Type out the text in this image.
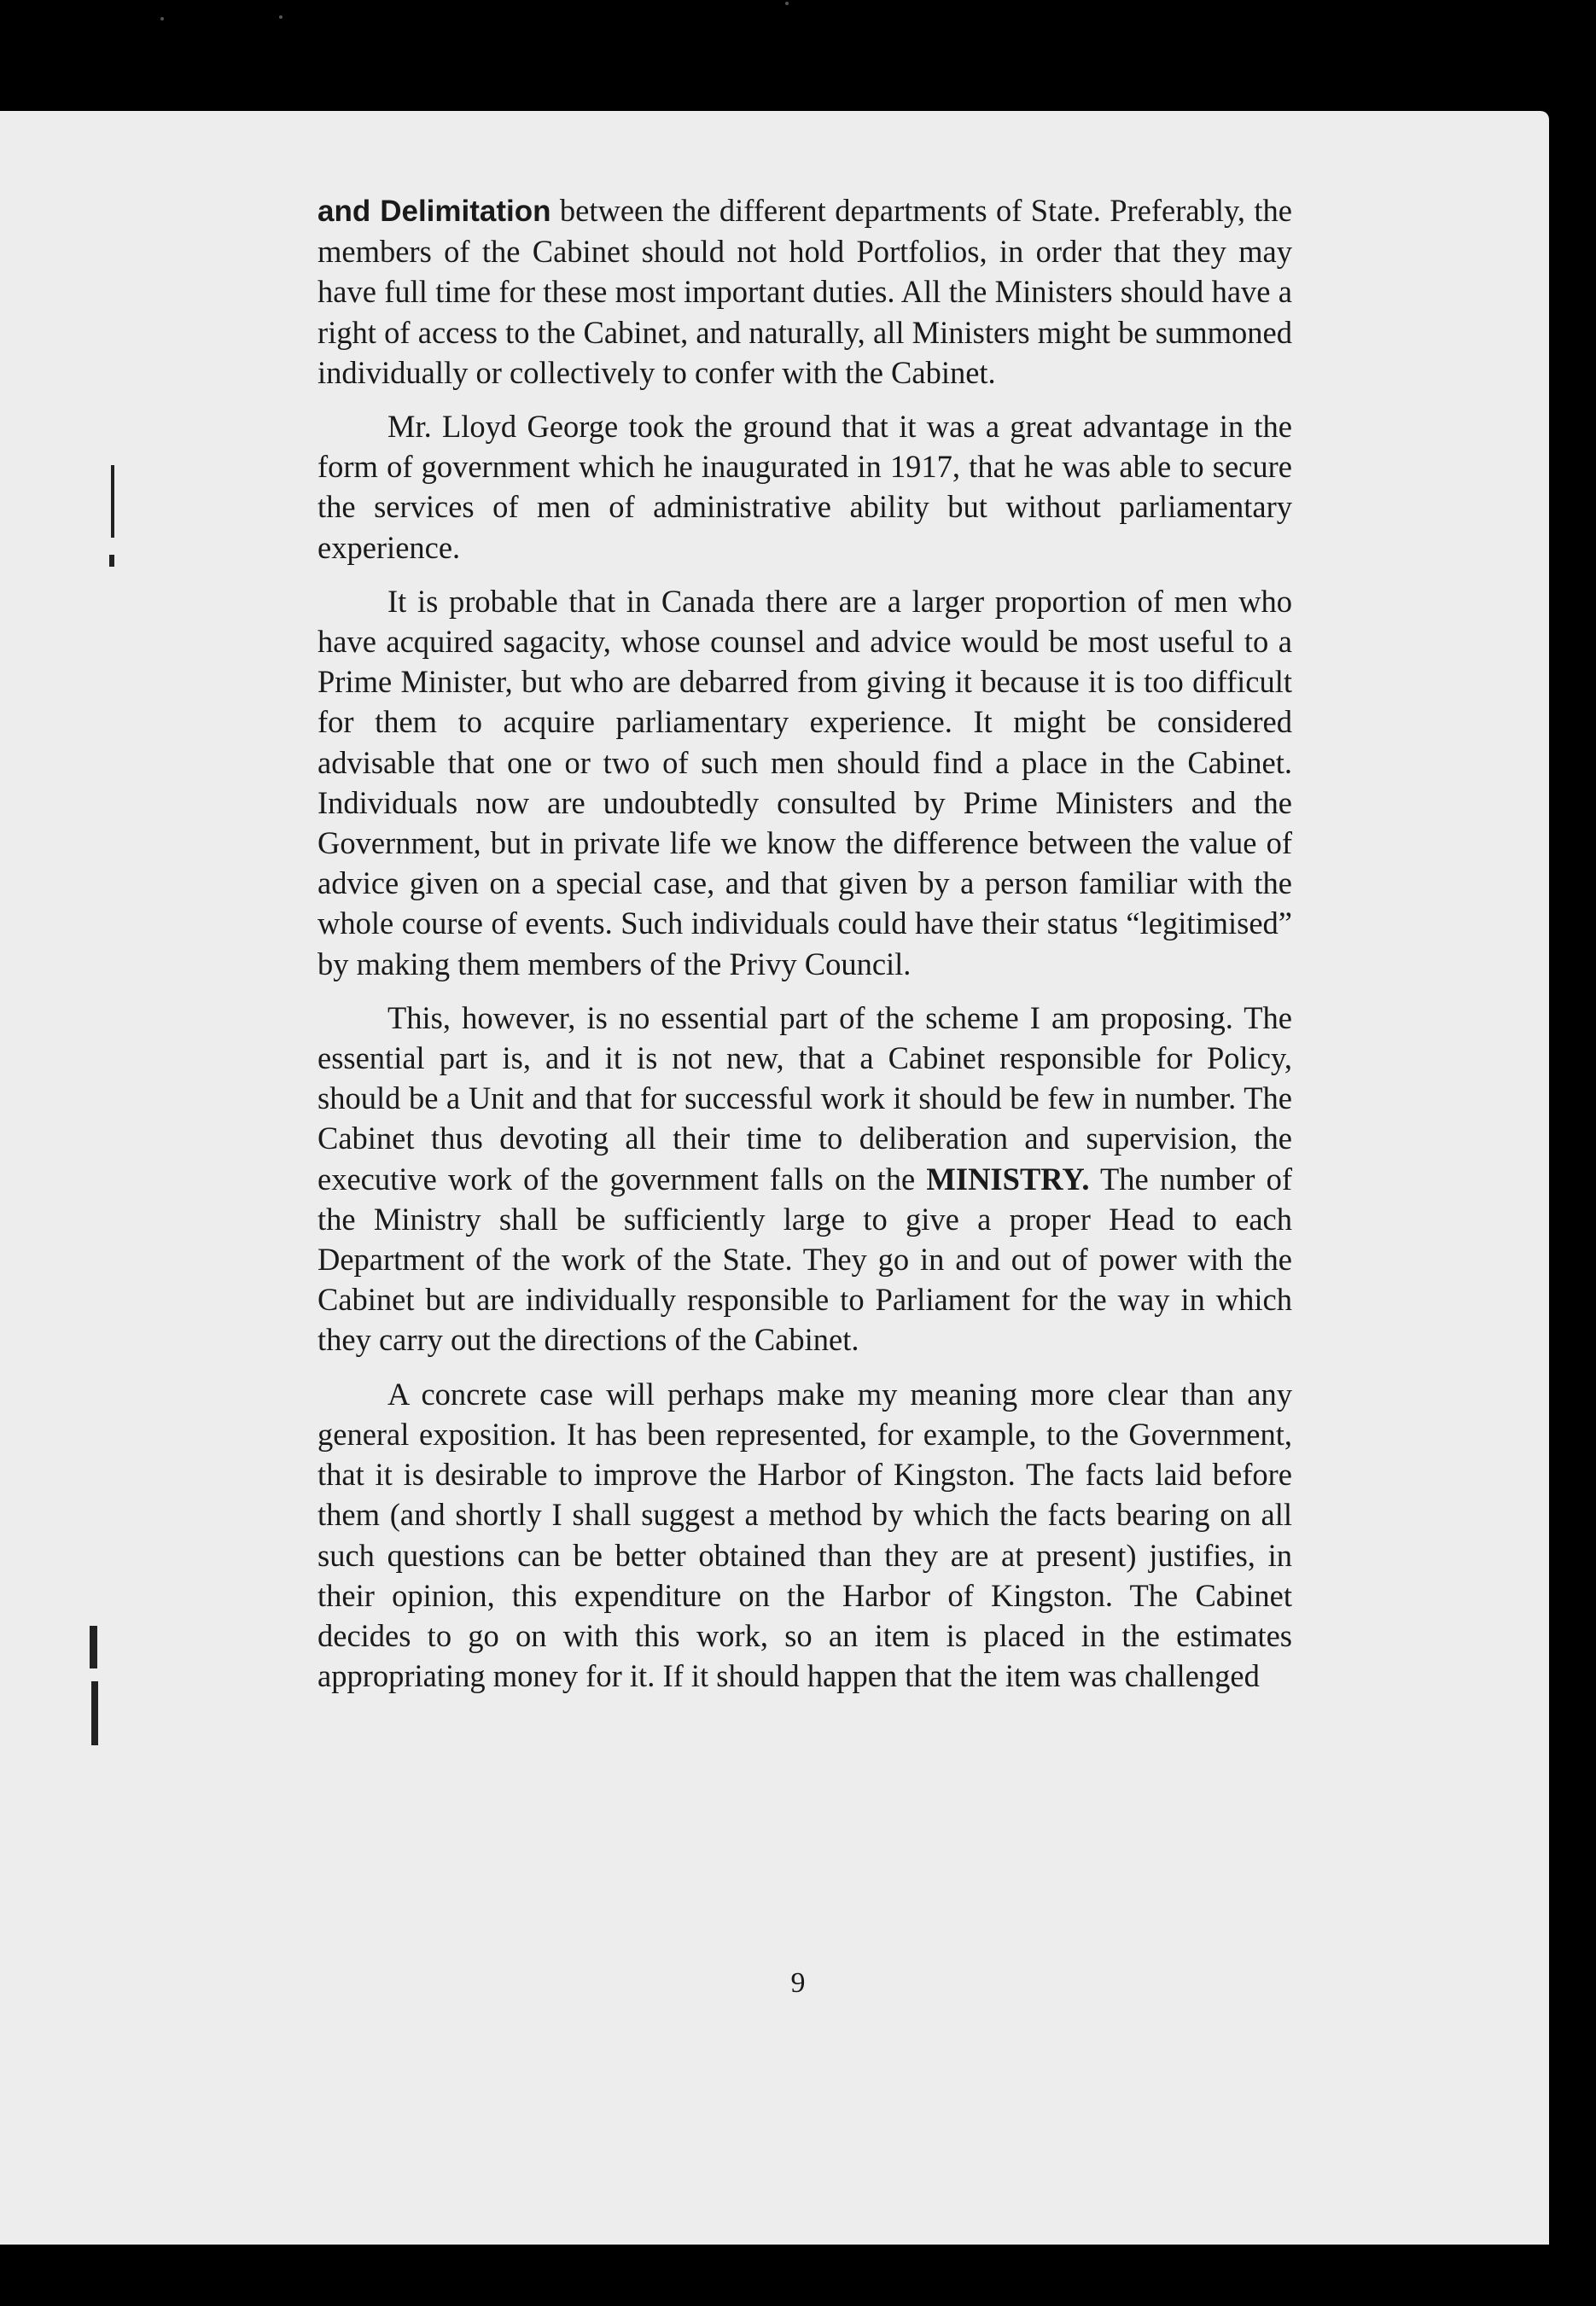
and Delimitation between the different departments of State. Preferably, the members of the Cabinet should not hold Portfolios, in order that they may have full time for these most important duties. All the Ministers should have a right of access to the Cabinet, and naturally, all Ministers might be summoned individually or collectively to confer with the Cabinet.

Mr. Lloyd George took the ground that it was a great advantage in the form of government which he inaugurated in 1917, that he was able to secure the services of men of administrative ability but without parliamentary experience.

It is probable that in Canada there are a larger proportion of men who have acquired sagacity, whose counsel and advice would be most useful to a Prime Minister, but who are debarred from giving it because it is too difficult for them to acquire parliamentary experience. It might be considered advisable that one or two of such men should find a place in the Cabinet. Individuals now are undoubtedly consulted by Prime Ministers and the Government, but in private life we know the difference between the value of advice given on a special case, and that given by a person familiar with the whole course of events. Such individuals could have their status “legitimised” by making them members of the Privy Council.

This, however, is no essential part of the scheme I am proposing. The essential part is, and it is not new, that a Cabinet responsible for Policy, should be a Unit and that for successful work it should be few in number. The Cabinet thus devoting all their time to deliberation and supervision, the executive work of the government falls on the MINISTRY. The number of the Ministry shall be sufficiently large to give a proper Head to each Department of the work of the State. They go in and out of power with the Cabinet but are individually responsible to Parliament for the way in which they carry out the directions of the Cabinet.

A concrete case will perhaps make my meaning more clear than any general exposition. It has been represented, for example, to the Government, that it is desirable to improve the Harbor of Kingston. The facts laid before them (and shortly I shall suggest a method by which the facts bearing on all such questions can be better obtained than they are at present) justifies, in their opinion, this expenditure on the Harbor of Kingston. The Cabinet decides to go on with this work, so an item is placed in the estimates appropriating money for it. If it should happen that the item was challenged

9
